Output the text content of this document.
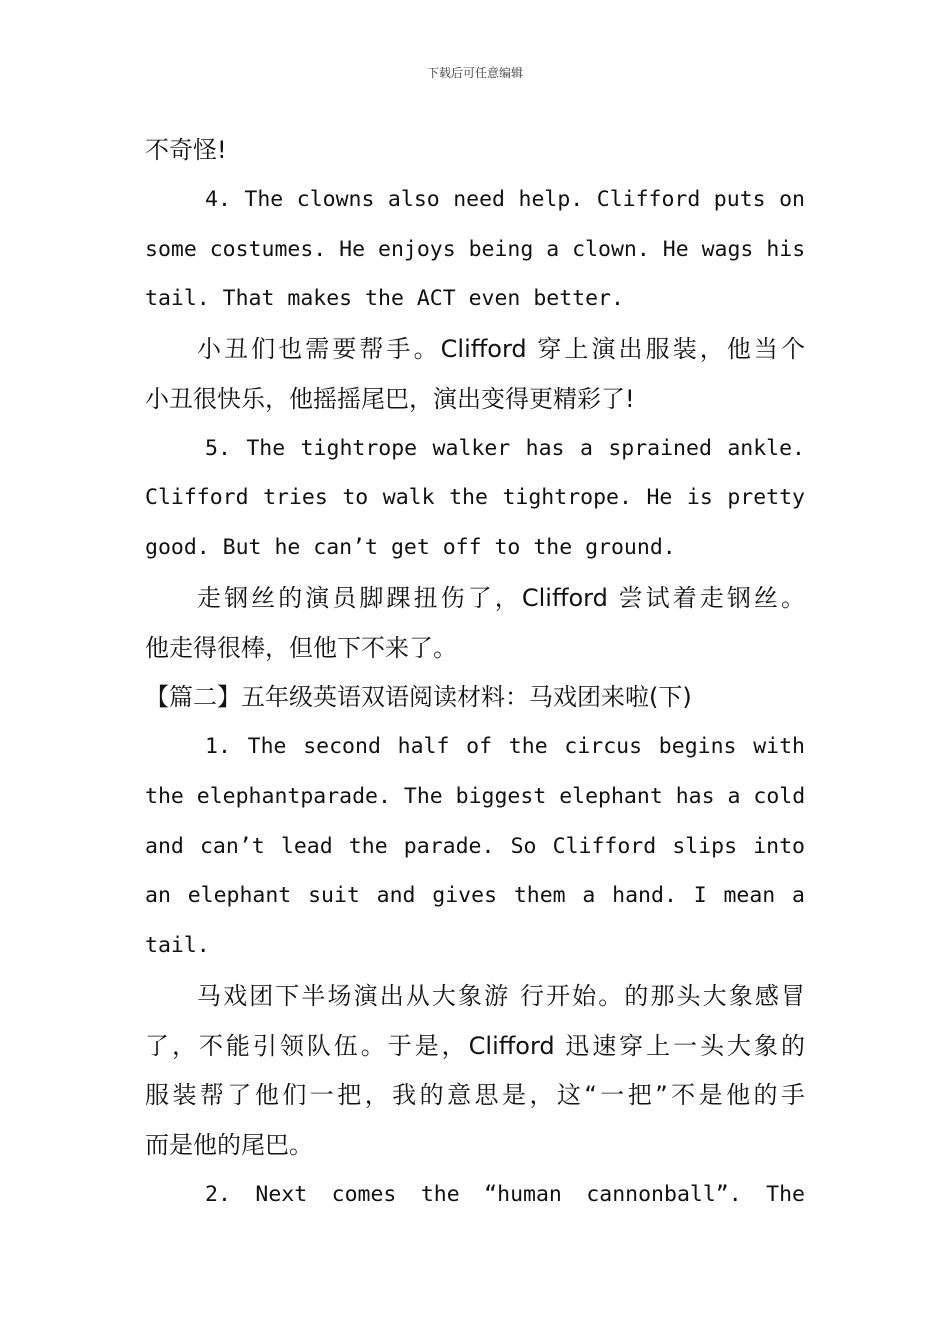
下载后可任意编辑
不奇怪!
4. The clowns also need help. Clifford puts on
some costumes. He enjoys being a clown. He wags his
tail. That makes the ACT even better.
小丑们也需要帮手。Clifford 穿上演出服装，他当个
小丑很快乐，他摇摇尾巴，演出变得更精彩了!
5. The tightrope walker has a sprained ankle.
Clifford tries to walk the tightrope. He is pretty
good. But he can’t get off to the ground.
走钢丝的演员脚踝扭伤了，Clifford 尝试着走钢丝。
他走得很棒，但他下不来了。
【篇二】五年级英语双语阅读材料：马戏团来啦(下)
1. The second half of the circus begins with
the elephantparade. The biggest elephant has a cold
and can’t lead the parade. So Clifford slips into
an elephant suit and gives them a hand. I mean a
tail.
马戏团下半场演出从大象游 行开始。的那头大象感冒
了，不能引领队伍。于是，Clifford 迅速穿上一头大象的
服装帮了他们一把，我的意思是，这“一把”不是他的手
而是他的尾巴。
2. Next comes the “human cannonball”. The
